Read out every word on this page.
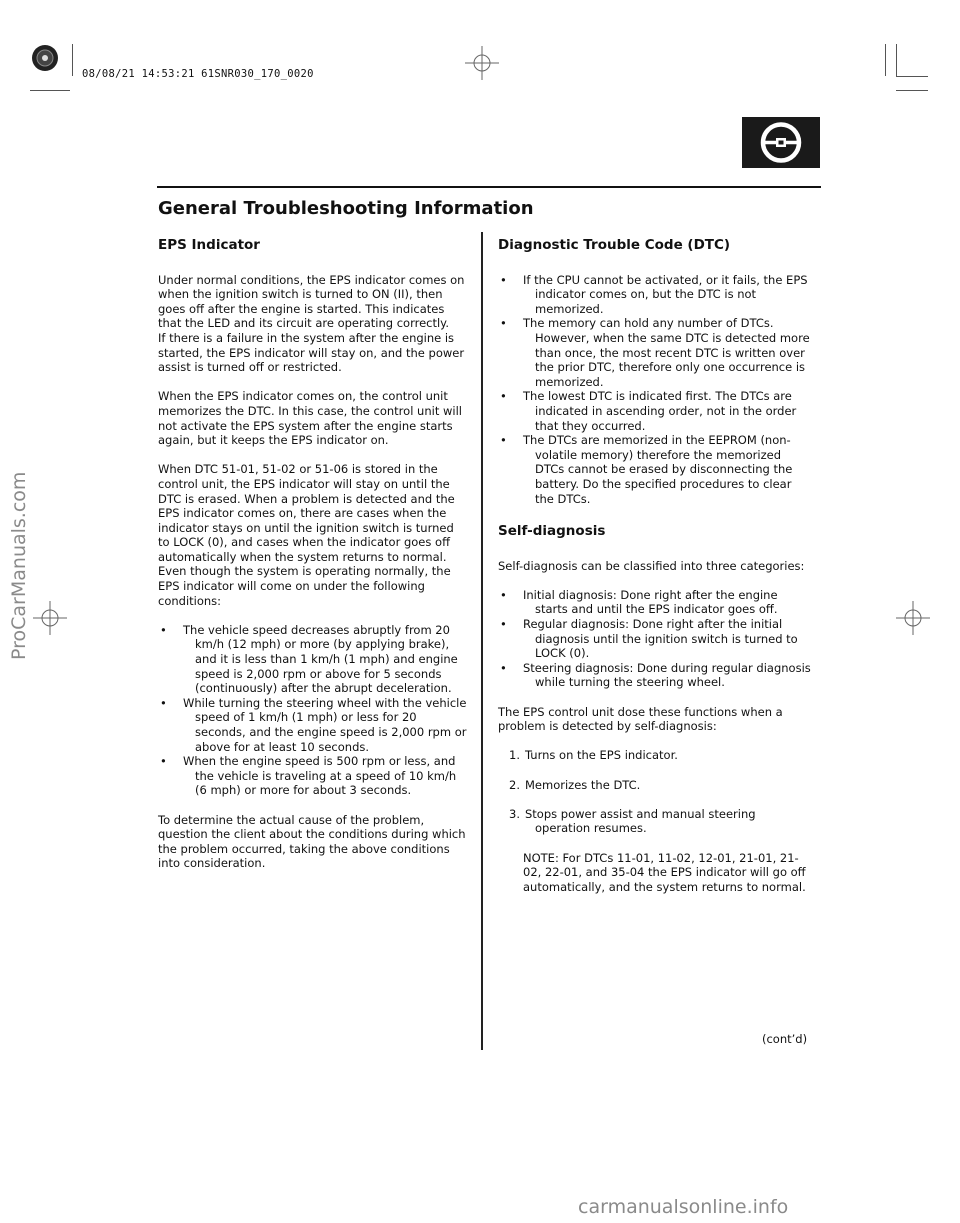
08/08/21 14:53:21 61SNR030_170_0020
General Troubleshooting Information
EPS Indicator

Under normal conditions, the EPS indicator comes on when the ignition switch is turned to ON (II), then goes off after the engine is started. This indicates that the LED and its circuit are operating correctly.

If there is a failure in the system after the engine is started, the EPS indicator will stay on, and the power assist is turned off or restricted.

When the EPS indicator comes on, the control unit memorizes the DTC. In this case, the control unit will not activate the EPS system after the engine starts again, but it keeps the EPS indicator on.

When DTC 51-01, 51-02 or 51-06 is stored in the control unit, the EPS indicator will stay on until the DTC is erased. When a problem is detected and the EPS indicator comes on, there are cases when the indicator stays on until the ignition switch is turned to LOCK (0), and cases when the indicator goes off automatically when the system returns to normal. Even though the system is operating normally, the EPS indicator will come on under the following conditions:

• The vehicle speed decreases abruptly from 20 km/h (12 mph) or more (by applying brake), and it is less than 1 km/h (1 mph) and engine speed is 2,000 rpm or above for 5 seconds (continuously) after the abrupt deceleration.
• While turning the steering wheel with the vehicle speed of 1 km/h (1 mph) or less for 20 seconds, and the engine speed is 2,000 rpm or above for at least 10 seconds.
• When the engine speed is 500 rpm or less, and the vehicle is traveling at a speed of 10 km/h (6 mph) or more for about 3 seconds.

To determine the actual cause of the problem, question the client about the conditions during which the problem occurred, taking the above conditions into consideration.

Diagnostic Trouble Code (DTC)
• If the CPU cannot be activated, or it fails, the EPS indicator comes on, but the DTC is not memorized.
• The memory can hold any number of DTCs. However, when the same DTC is detected more than once, the most recent DTC is written over the prior DTC, therefore only one occurrence is memorized.
• The lowest DTC is indicated first. The DTCs are indicated in ascending order, not in the order that they occurred.
• The DTCs are memorized in the EEPROM (non-volatile memory) therefore the memorized DTCs cannot be erased by disconnecting the battery. Do the specified procedures to clear the DTCs.
Self-diagnosis

Self-diagnosis can be classified into three categories:

• Initial diagnosis: Done right after the engine starts and until the EPS indicator goes off.
• Regular diagnosis: Done right after the initial diagnosis until the ignition switch is turned to LOCK (0).
• Steering diagnosis: Done during regular diagnosis while turning the steering wheel.

The EPS control unit dose these functions when a problem is detected by self-diagnosis:

1. Turns on the EPS indicator.
2. Memorizes the DTC.
3. Stops power assist and manual steering operation resumes.

NOTE: For DTCs 11-01, 11-02, 12-01, 21-01, 21-02, 22-01, and 35-04 the EPS indicator will go off automatically, and the system returns to normal.

(cont’d)
ProCarManuals.com
carmanualsonline.info
